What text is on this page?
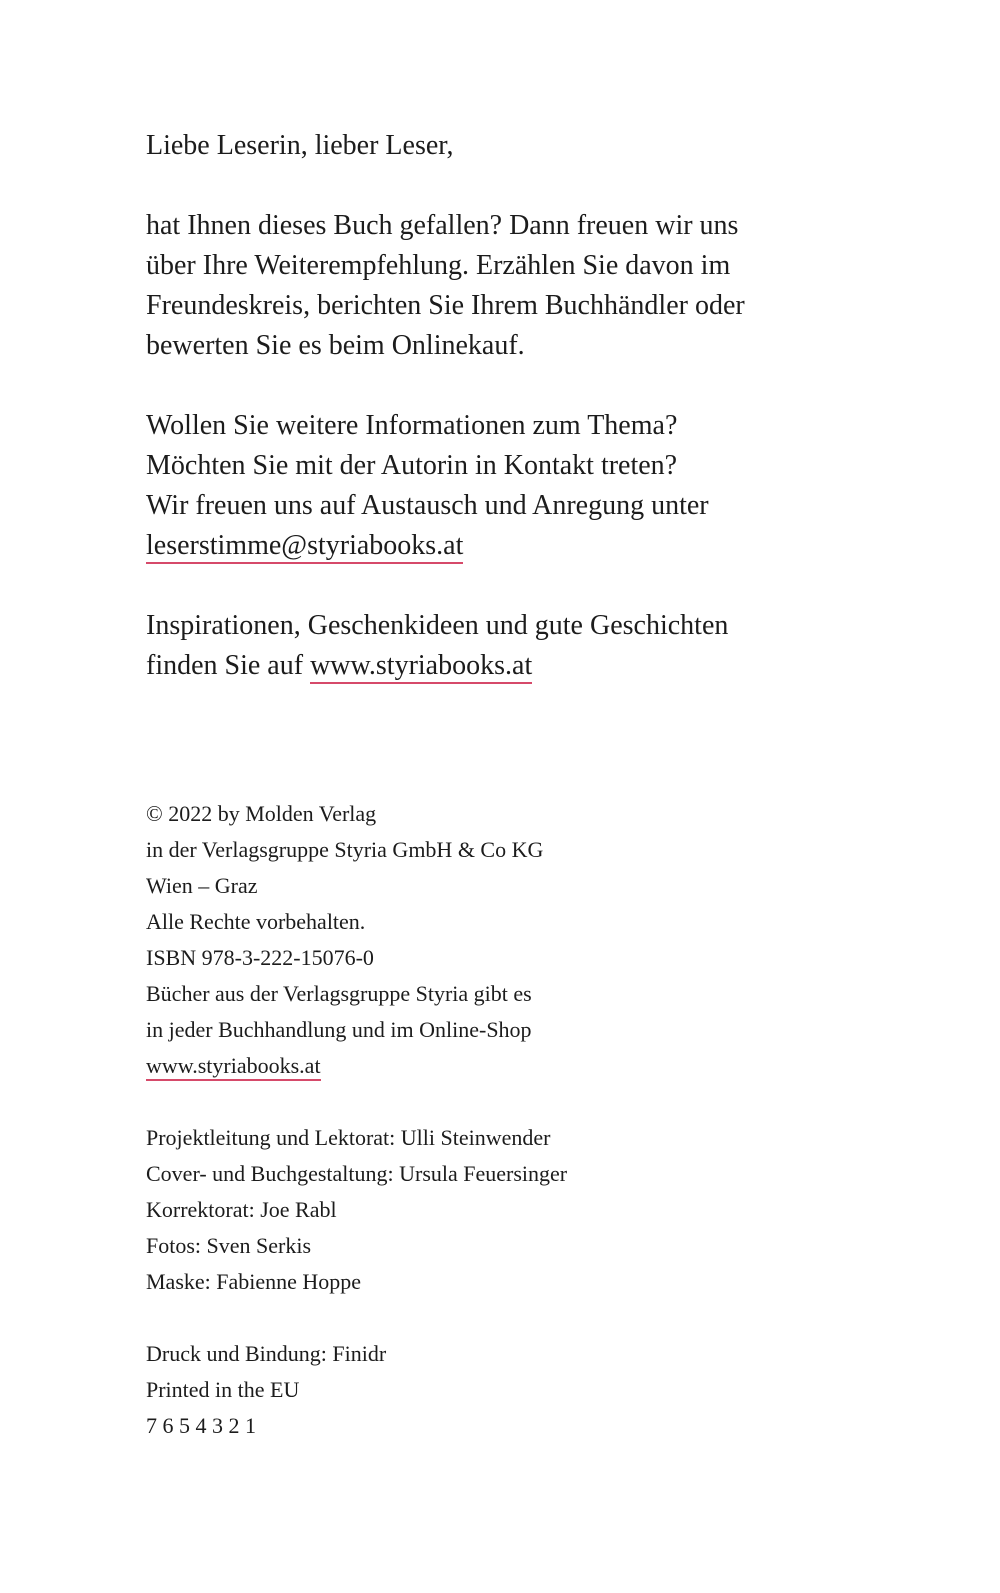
Liebe Leserin, lieber Leser,

hat Ihnen dieses Buch gefallen? Dann freuen wir uns
über Ihre Weiterempfehlung. Erzählen Sie davon im
Freundeskreis, berichten Sie Ihrem Buchhändler oder
bewerten Sie es beim Onlinekauf.

Wollen Sie weitere Informationen zum Thema?
Möchten Sie mit der Autorin in Kontakt treten?
Wir freuen uns auf Austausch und Anregung unter
leserstimme@styriabooks.at

Inspirationen, Geschenkideen und gute Geschichten
finden Sie auf www.styriabooks.at

© 2022 by Molden Verlag
in der Verlagsgruppe Styria GmbH & Co KG
Wien – Graz
Alle Rechte vorbehalten.
ISBN 978-3-222-15076-0
Bücher aus der Verlagsgruppe Styria gibt es
in jeder Buchhandlung und im Online-Shop
www.styriabooks.at

Projektleitung und Lektorat: Ulli Steinwender
Cover- und Buchgestaltung: Ursula Feuersinger
Korrektorat: Joe Rabl
Fotos: Sven Serkis
Maske: Fabienne Hoppe

Druck und Bindung: Finidr
Printed in the EU
7 6 5 4 3 2 1
